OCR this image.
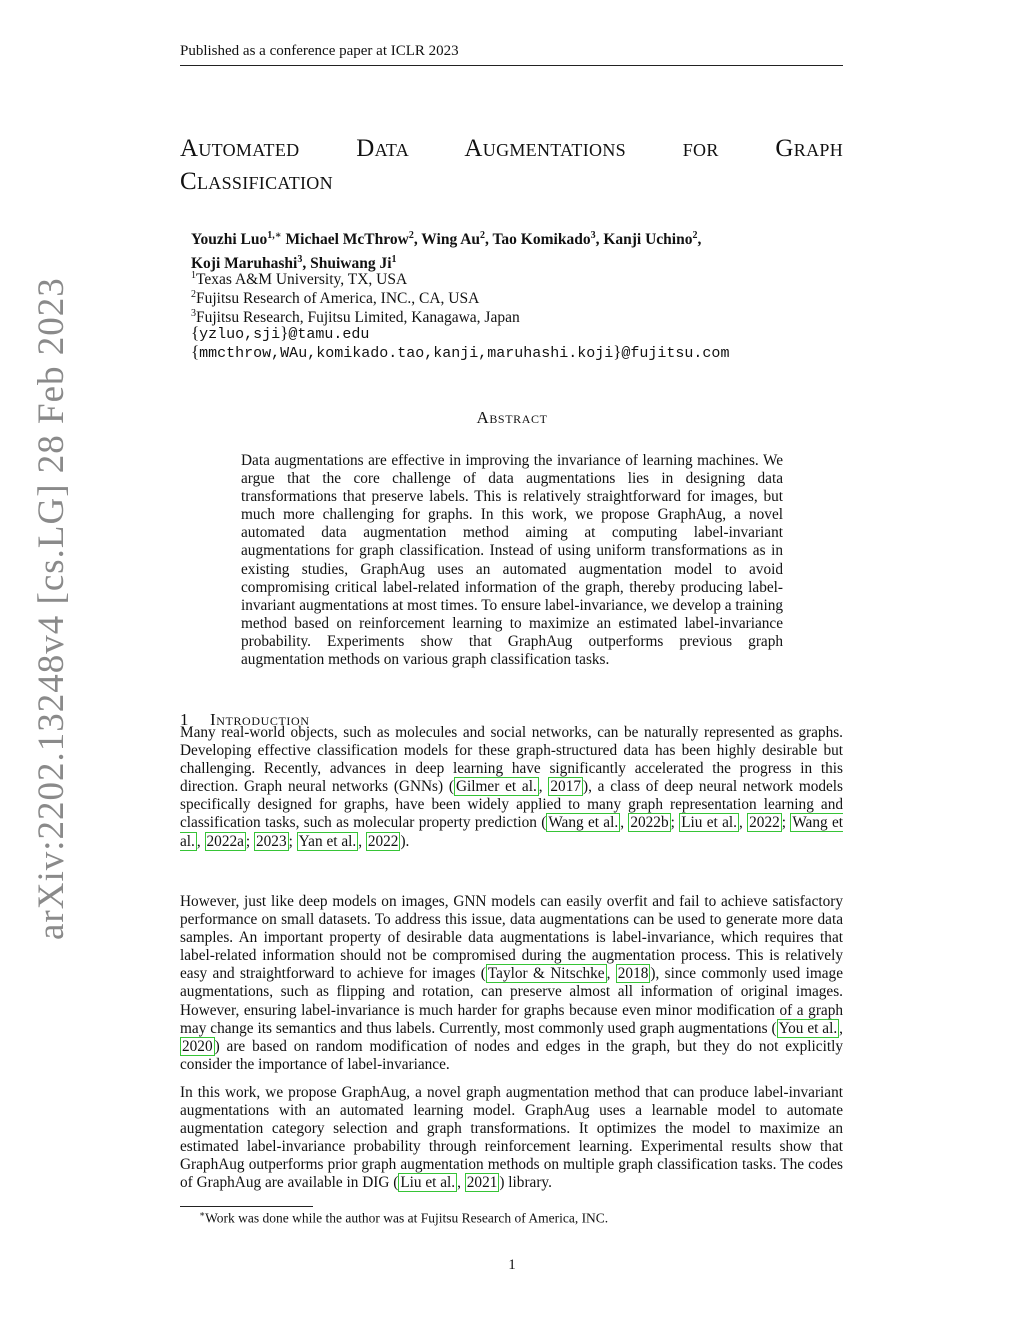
Published as a conference paper at ICLR 2023
arXiv:2202.13248v4 [cs.LG] 28 Feb 2023
Automated Data Augmentations for Graph
Classification
Youzhi Luo$^{1,∗}$ Michael McThrow$^2$, Wing Au$^2$, Tao Komikado$^3$, Kanji Uchino$^2$,
Koji Maruhashi$^3$, Shuiwang Ji$^1$
$^1$Texas A&M University, TX, USA
$^2$Fujitsu Research of America, INC., CA, USA
$^3$Fujitsu Research, Fujitsu Limited, Kanagawa, Japan
{yzluo,sji}@tamu.edu
{mmcthrow,WAu,komikado.tao,kanji,maruhashi.koji}@fujitsu.com
Abstract
Data augmentations are effective in improving the invariance of learning machines. We argue that the core challenge of data augmentations lies in designing data transformations that preserve labels. This is relatively straightforward for images, but much more challenging for graphs. In this work, we propose GraphAug, a novel automated data augmentation method aiming at computing label-invariant augmentations for graph classification. Instead of using uniform transformations as in existing studies, GraphAug uses an automated augmentation model to avoid compromising critical label-related information of the graph, thereby producing label-invariant augmentations at most times. To ensure label-invariance, we develop a training method based on reinforcement learning to maximize an estimated label-invariance probability. Experiments show that GraphAug outperforms previous graph augmentation methods on various graph classification tasks.
1 Introduction
Many real-world objects, such as molecules and social networks, can be naturally represented as graphs. Developing effective classification models for these graph-structured data has been highly desirable but challenging. Recently, advances in deep learning have significantly accelerated the progress in this direction. Graph neural networks (GNNs) ( Gilmer et al. , 2017 ), a class of deep neural network models specifically designed for graphs, have been widely applied to many graph representation learning and classification tasks, such as molecular property prediction ( Wang et al. , 2022b ; Liu et al. , 2022 ; Wang et al. , 2022a ; 2023 ; Yan et al. , 2022 ).
However, just like deep models on images, GNN models can easily overfit and fail to achieve satisfactory performance on small datasets. To address this issue, data augmentations can be used to generate more data samples. An important property of desirable data augmentations is label-invariance, which requires that label-related information should not be compromised during the augmentation process. This is relatively easy and straightforward to achieve for images ( Taylor & Nitschke , 2018 ), since commonly used image augmentations, such as flipping and rotation, can preserve almost all information of original images. However, ensuring label-invariance is much harder for graphs because even minor modification of a graph may change its semantics and thus labels. Currently, most commonly used graph augmentations ( You et al. , 2020 ) are based on random modification of nodes and edges in the graph, but they do not explicitly consider the importance of label-invariance.
In this work, we propose GraphAug, a novel graph augmentation method that can produce label-invariant augmentations with an automated learning model. GraphAug uses a learnable model to automate augmentation category selection and graph transformations. It optimizes the model to maximize an estimated label-invariance probability through reinforcement learning. Experimental results show that GraphAug outperforms prior graph augmentation methods on multiple graph classification tasks. The codes of GraphAug are available in DIG ( Liu et al. , 2021 ) library.
∗Work was done while the author was at Fujitsu Research of America, INC.
1
